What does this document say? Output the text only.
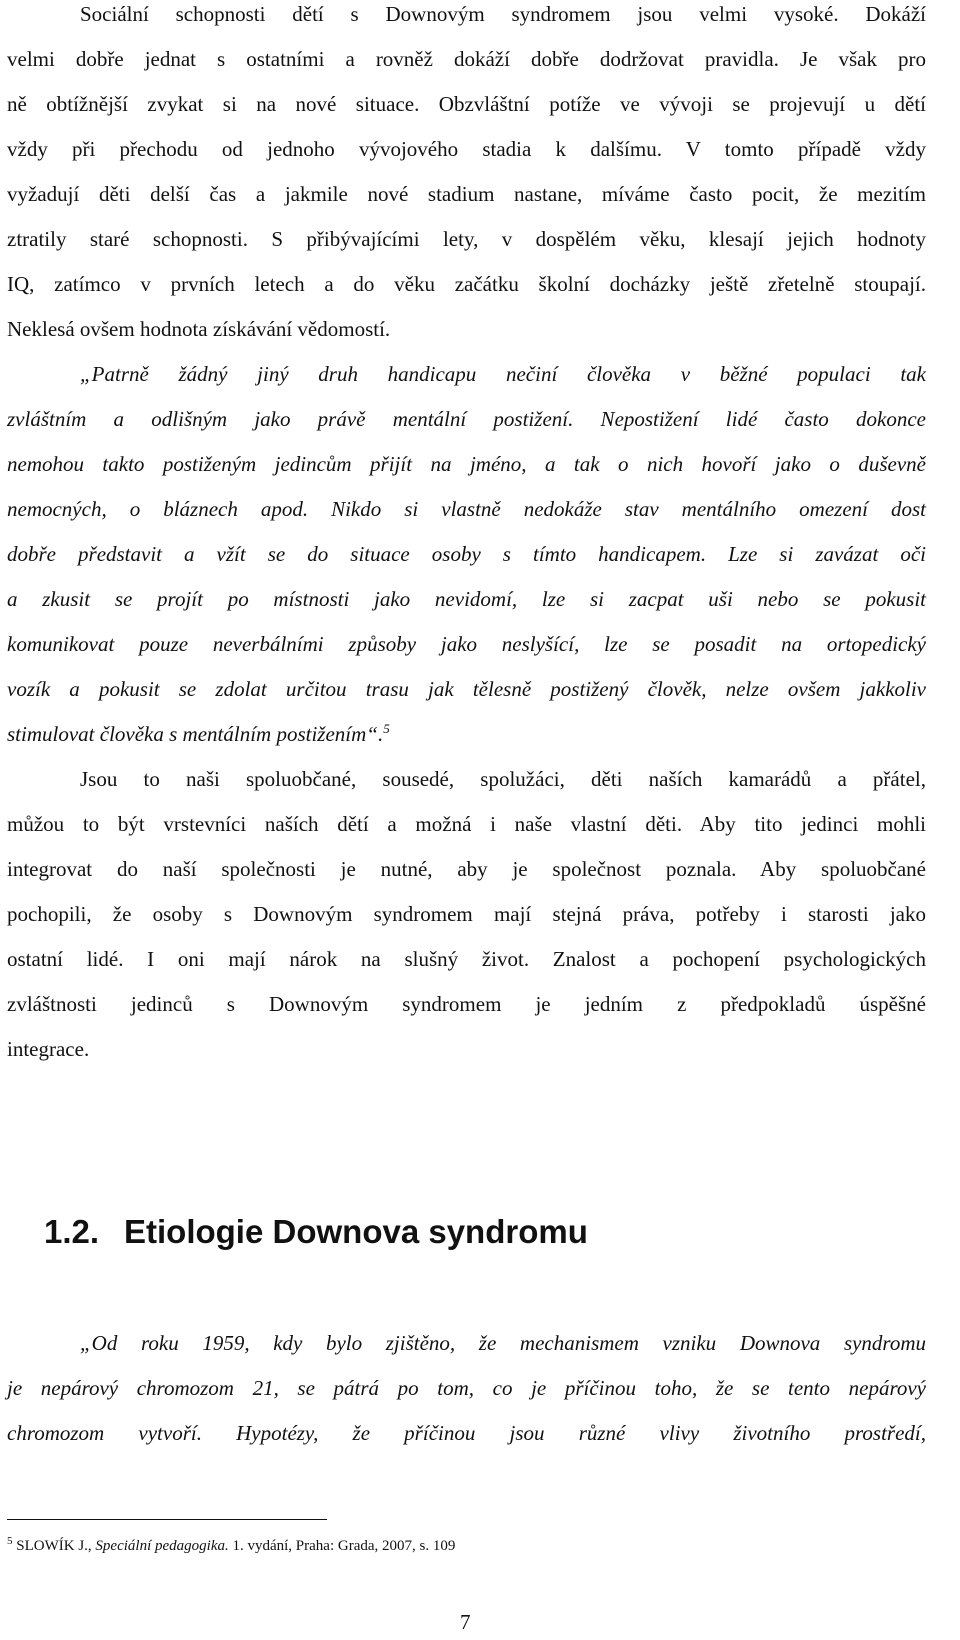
Sociální schopnosti dětí s Downovým syndromem jsou velmi vysoké. Dokáží
velmi dobře jednat s ostatními a rovněž dokáží dobře dodržovat pravidla. Je však pro
ně obtížnější zvykat si na nové situace. Obzvláštní potíže ve vývoji se projevují u dětí
vždy při přechodu od jednoho vývojového stadia k dalšímu. V tomto případě vždy
vyžadují děti delší čas a jakmile nové stadium nastane, míváme často pocit, že mezitím
ztratily staré schopnosti. S přibývajícími lety, v dospělém věku, klesají jejich hodnoty
IQ, zatímco v prvních letech a do věku začátku školní docházky ještě zřetelně stoupají.
Neklesá ovšem hodnota získávání vědomostí.
„Patrně žádný jiný druh handicapu nečiní člověka v běžné populaci tak
zvláštním a odlišným jako právě mentální postižení. Nepostižení lidé často dokonce
nemohou takto postiženým jedincům přijít na jméno, a tak o nich hovoří jako o duševně
nemocných, o bláznech apod. Nikdo si vlastně nedokáže stav mentálního omezení dost
dobře představit a vžít se do situace osoby s tímto handicapem. Lze si zavázat oči
a zkusit se projít po místnosti jako nevidomí, lze si zacpat uši nebo se pokusit
komunikovat pouze neverbálními způsoby jako neslyšící, lze se posadit na ortopedický
vozík a pokusit se zdolat určitou trasu jak tělesně postižený člověk, nelze ovšem jakkoliv
stimulovat člověka s mentálním postižením“.$^5$
Jsou to naši spoluobčané, sousedé, spolužáci, děti naších kamarádů a přátel,
můžou to být vrstevníci naších dětí a možná i naše vlastní děti. Aby tito jedinci mohli
integrovat do naší společnosti je nutné, aby je společnost poznala. Aby spoluobčané
pochopili, že osoby s Downovým syndromem mají stejná práva, potřeby i starosti jako
ostatní lidé. I oni mají nárok na slušný život. Znalost a pochopení psychologických
zvláštnosti jedinců s Downovým syndromem je jedním z předpokladů úspěšné
integrace.
1.2. Etiologie Downova syndromu
„Od roku 1959, kdy bylo zjištěno, že mechanismem vzniku Downova syndromu
je nepárový chromozom 21, se pátrá po tom, co je příčinou toho, že se tento nepárový
chromozom vytvoří. Hypotézy, že příčinou jsou různé vlivy životního prostředí,
$^5$ SLOWÍK J., Speciální pedagogika. 1. vydání, Praha: Grada, 2007, s. 109
7
